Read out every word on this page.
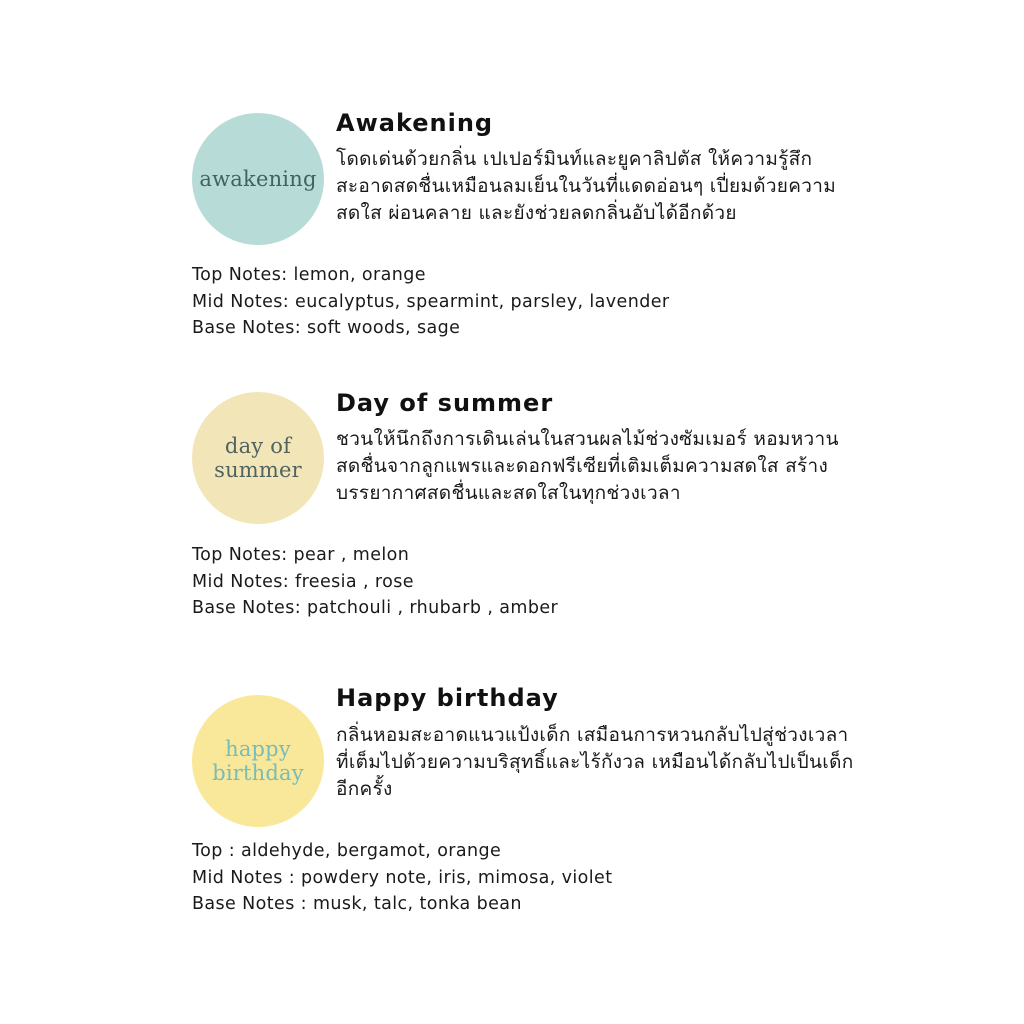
awakening
Awakening

โดดเด่นด้วยกลิ่น เปเปอร์มินท์และยูคาลิปตัส ให้ความรู้สึกสะอาดสดชื่นเหมือนลมเย็นในวันที่แดดอ่อนๆ เปี่ยมด้วยความสดใส ผ่อนคลาย และยังช่วยลดกลิ่นอับได้อีกด้วย

Top Notes: lemon, orange
Mid Notes: eucalyptus, spearmint, parsley, lavender
Base Notes: soft woods, sage
day of
summer
Day of summer

ชวนให้นึกถึงการเดินเล่นในสวนผลไม้ช่วงซัมเมอร์ หอมหวานสดชื่นจากลูกแพรและดอกฟรีเซียที่เติมเต็มความสดใส สร้างบรรยากาศสดชื่นและสดใสในทุกช่วงเวลา

Top Notes: pear , melon
Mid Notes: freesia , rose
Base Notes: patchouli , rhubarb , amber
happy
birthday
Happy birthday

กลิ่นหอมสะอาดแนวแป้งเด็ก เสมือนการหวนกลับไปสู่ช่วงเวลาที่เต็มไปด้วยความบริสุทธิ์และไร้กังวล เหมือนได้กลับไปเป็นเด็กอีกครั้ง

Top : aldehyde, bergamot, orange
Mid Notes : powdery note, iris, mimosa, violet
Base Notes : musk, talc, tonka bean
